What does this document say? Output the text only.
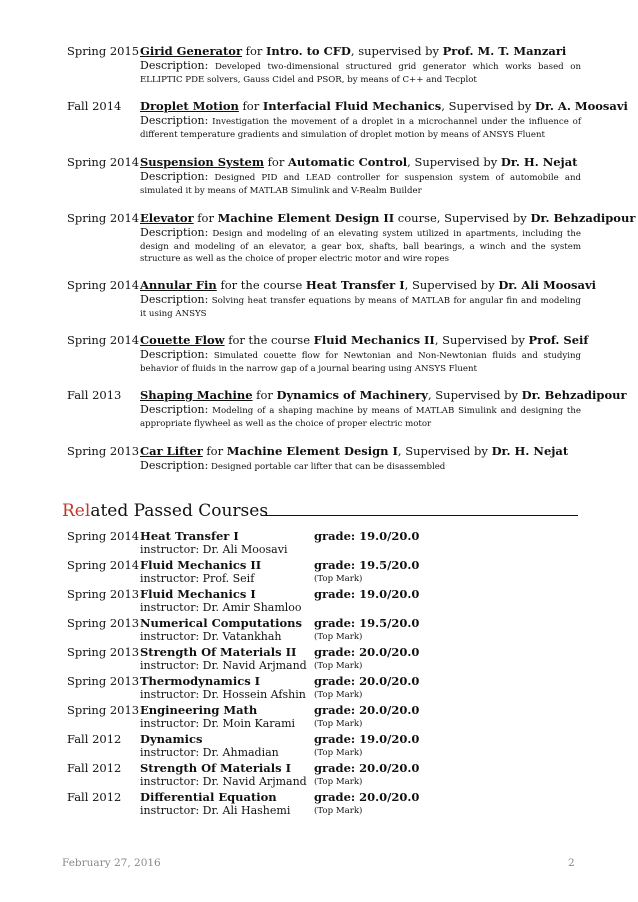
Spring 2015 Girid Generator for Intro. to CFD, supervised by Prof. M. T. Manzari
Description: Developed two-dimensional structured grid generator which works based on ELLIPTIC PDE solvers, Gauss Cidel and PSOR, by means of C++ and Tecplot
Fall 2014 Droplet Motion for Interfacial Fluid Mechanics, Supervised by Dr. A. Moosavi
Description: Investigation the movement of a droplet in a microchannel under the influence of different temperature gradients and simulation of droplet motion by means of ANSYS Fluent
Spring 2014 Suspension System for Automatic Control, Supervised by Dr. H. Nejat
Description: Designed PID and LEAD controller for suspension system of automobile and simulated it by means of MATLAB Simulink and V-Realm Builder
Spring 2014 Elevator for Machine Element Design II course, Supervised by Dr. Behzadipour
Description: Design and modeling of an elevating system utilized in apartments, including the design and modeling of an elevator, a gear box, shafts, ball bearings, a winch and the system structure as well as the choice of proper electric motor and wire ropes
Spring 2014 Annular Fin for the course Heat Transfer I, Supervised by Dr. Ali Moosavi
Description: Solving heat transfer equations by means of MATLAB for angular fin and modeling it using ANSYS
Spring 2014 Couette Flow for the course Fluid Mechanics II, Supervised by Prof. Seif
Description: Simulated couette flow for Newtonian and Non-Newtonian fluids and studying behavior of fluids in the narrow gap of a journal bearing using ANSYS Fluent
Fall 2013 Shaping Machine for Dynamics of Machinery, Supervised by Dr. Behzadipour
Description: Modeling of a shaping machine by means of MATLAB Simulink and designing the appropriate flywheel as well as the choice of proper electric motor
Spring 2013 Car Lifter for Machine Element Design I, Supervised by Dr. H. Nejat
Description: Designed portable car lifter that can be disassembled
Related Passed Courses
Spring 2014 Heat Transfer I
instructor: Dr. Ali Moosavi
grade: 19.0/20.0
Spring 2014 Fluid Mechanics II
instructor: Prof. Seif
grade: 19.5/20.0
(Top Mark)
Spring 2013 Fluid Mechanics I
instructor: Dr. Amir Shamloo
grade: 19.0/20.0
Spring 2013 Numerical Computations
instructor: Dr. Vatankhah
grade: 19.5/20.0
(Top Mark)
Spring 2013 Strength Of Materials II
instructor: Dr. Navid Arjmand
grade: 20.0/20.0
(Top Mark)
Spring 2013 Thermodynamics I
instructor: Dr. Hossein Afshin
grade: 20.0/20.0
(Top Mark)
Spring 2013 Engineering Math
instructor: Dr. Moin Karami
grade: 20.0/20.0
(Top Mark)
Fall 2012 Dynamics
instructor: Dr. Ahmadian
grade: 19.0/20.0
(Top Mark)
Fall 2012 Strength Of Materials I
instructor: Dr. Navid Arjmand
grade: 20.0/20.0
(Top Mark)
Fall 2012 Differential Equation
instructor: Dr. Ali Hashemi
grade: 20.0/20.0
(Top Mark)
February 27, 2016	2
